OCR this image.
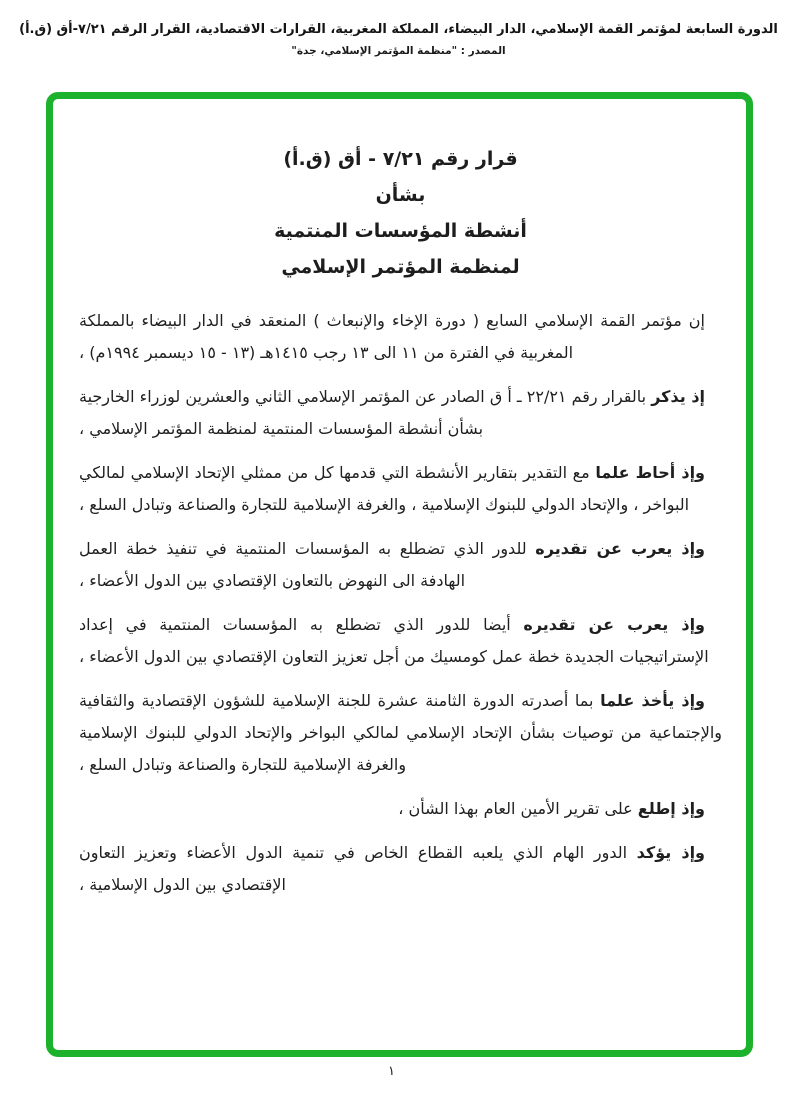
الدورة السابعة لمؤتمر القمة الإسلامي، الدار البيضاء، المملكة المغربية، القرارات الاقتصادية، القرار الرقم ٧/٢١-أق (ق.أ)
المصدر : "منظمة المؤتمر الإسلامي، جدة"
قرار رقم ٧/٢١ - أق (ق.أ)
بشأن
أنشطة المؤسسات المنتمية
لمنظمة المؤتمر الإسلامي

إن مؤتمر القمة الإسلامي السابع ( دورة الإخاء والإنبعاث ) المنعقد في الدار البيضاء بالمملكة المغربية في الفترة من ١١ الى ١٣ رجب ١٤١٥هـ (١٣ - ١٥ ديسمبر ١٩٩٤م) ،

إذ يذكر بالقرار رقم ٢٢/٢١ ـ أ ق الصادر عن المؤتمر الإسلامي الثاني والعشرين لوزراء الخارجية بشأن أنشطة المؤسسات المنتمية لمنظمة المؤتمر الإسلامي ،

وإذ أحاط علما مع التقدير بتقارير الأنشطة التي قدمها كل من ممثلي الإتحاد الإسلامي لمالكي البواخر ، والإتحاد الدولي للبنوك الإسلامية ، والغرفة الإسلامية للتجارة والصناعة وتبادل السلع ،

وإذ يعرب عن تقديره للدور الذي تضطلع به المؤسسات المنتمية في تنفيذ خطة العمل الهادفة الى النهوض بالتعاون الإقتصادي بين الدول الأعضاء ،

وإذ يعرب عن تقديره أيضا للدور الذي تضطلع به المؤسسات المنتمية في إعداد الإستراتيجيات الجديدة خطة عمل كومسيك من أجل تعزيز التعاون الإقتصادي بين الدول الأعضاء ،

وإذ يأخذ علما بما أصدرته الدورة الثامنة عشرة للجنة الإسلامية للشؤون الإقتصادية والثقافية والإجتماعية من توصيات بشأن الإتحاد الإسلامي لمالكي البواخر والإتحاد الدولي للبنوك الإسلامية والغرفة الإسلامية للتجارة والصناعة وتبادل السلع ،

وإذ إطلع على تقرير الأمين العام بهذا الشأن ،

وإذ يؤكد الدور الهام الذي يلعبه القطاع الخاص في تنمية الدول الأعضاء وتعزيز التعاون الإقتصادي بين الدول الإسلامية ،

١
